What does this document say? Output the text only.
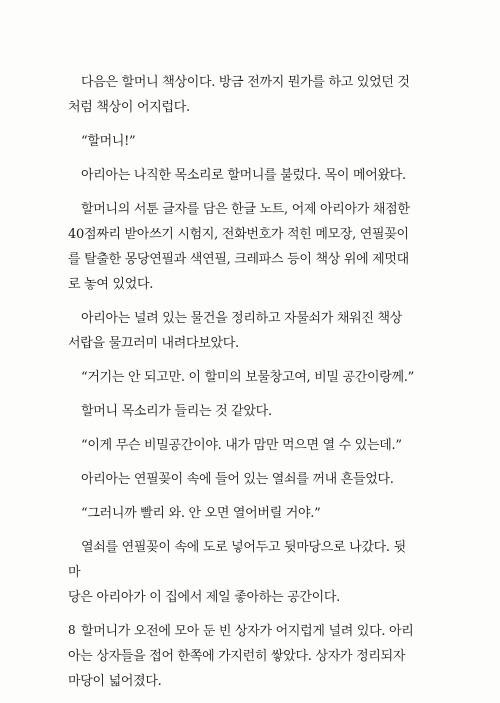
다음은 할머니 책상이다. 방금 전까지 뭔가를 하고 있었던 것
처럼 책상이 어지럽다.

“할머니!”

아리아는 나직한 목소리로 할머니를 불렀다. 목이 메어왔다.

할머니의 서툰 글자를 담은 한글 노트, 어제 아리아가 채점한
40점짜리 받아쓰기 시험지, 전화번호가 적힌 메모장, 연필꽂이
를 탈출한 몽당연필과 색연필, 크레파스 등이 책상 위에 제멋대
로 놓여 있었다.

아리아는 널려 있는 물건을 정리하고 자물쇠가 채워진 책상
서랍을 물끄러미 내려다보았다.

“거기는 안 되고만. 이 할미의 보물창고여, 비밀 공간이랑께.”

할머니 목소리가 들리는 것 같았다.

“이게 무슨 비밀공간이야. 내가 맘만 먹으면 열 수 있는데.”

아리아는 연필꽂이 속에 들어 있는 열쇠를 꺼내 흔들었다.

“그러니까 빨리 와. 안 오면 열어버릴 거야.”

열쇠를 연필꽂이 속에 도로 넣어두고 뒷마당으로 나갔다. 뒷마
당은 아리아가 이 집에서 제일 좋아하는 공간이다.

할머니가 오전에 모아 둔 빈 상자가 어지럽게 널려 있다. 아리
아는 상자들을 접어 한쪽에 가지런히 쌓았다. 상자가 정리되자
마당이 넓어졌다.

8
